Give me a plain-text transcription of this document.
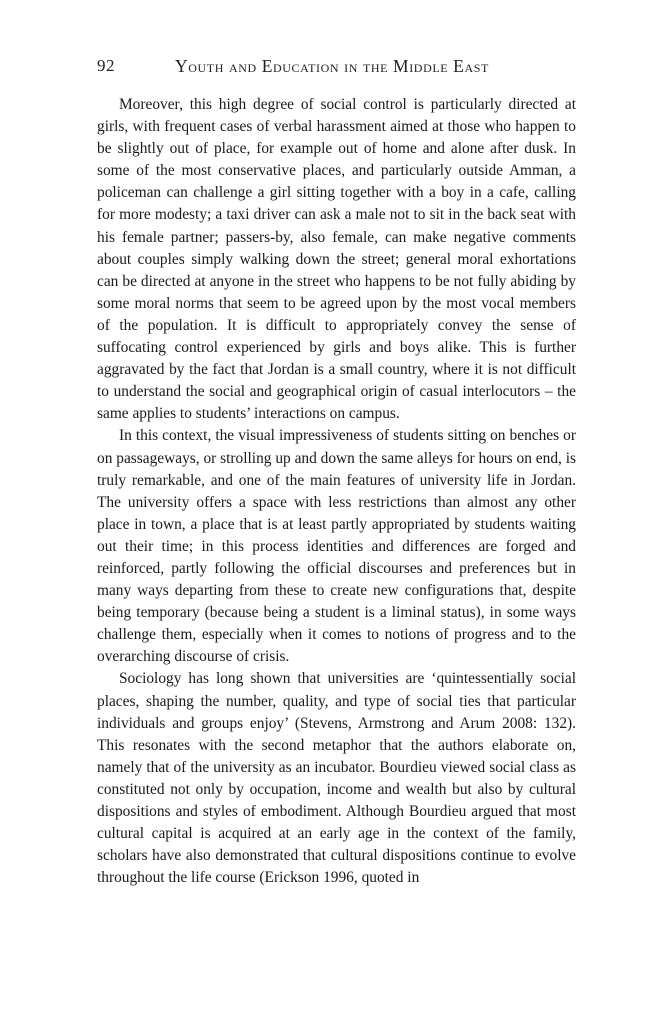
92	Youth and Education in the Middle East

Moreover, this high degree of social control is particularly directed at girls, with frequent cases of verbal harassment aimed at those who happen to be slightly out of place, for example out of home and alone after dusk. In some of the most conservative places, and particularly outside Amman, a policeman can challenge a girl sitting together with a boy in a cafe, calling for more modesty; a taxi driver can ask a male not to sit in the back seat with his female partner; passers-by, also female, can make negative comments about couples simply walking down the street; general moral exhortations can be directed at anyone in the street who happens to be not fully abiding by some moral norms that seem to be agreed upon by the most vocal members of the population. It is difficult to appropriately convey the sense of suffocating control experienced by girls and boys alike. This is further aggravated by the fact that Jordan is a small country, where it is not difficult to understand the social and geographical origin of casual interlocutors – the same applies to students’ interactions on campus.

In this context, the visual impressiveness of students sitting on benches or on passageways, or strolling up and down the same alleys for hours on end, is truly remarkable, and one of the main features of university life in Jordan. The university offers a space with less restrictions than almost any other place in town, a place that is at least partly appropriated by students waiting out their time; in this process identities and differences are forged and reinforced, partly following the official discourses and preferences but in many ways departing from these to create new configurations that, despite being temporary (because being a student is a liminal status), in some ways challenge them, especially when it comes to notions of progress and to the overarching discourse of crisis.

Sociology has long shown that universities are ‘quintessentially social places, shaping the number, quality, and type of social ties that particular individuals and groups enjoy’ (Stevens, Armstrong and Arum 2008: 132). This resonates with the second metaphor that the authors elaborate on, namely that of the university as an incubator. Bourdieu viewed social class as constituted not only by occupation, income and wealth but also by cultural dispositions and styles of embodiment. Although Bourdieu argued that most cultural capital is acquired at an early age in the context of the family, scholars have also demonstrated that cultural dispositions continue to evolve throughout the life course (Erickson 1996, quoted in
